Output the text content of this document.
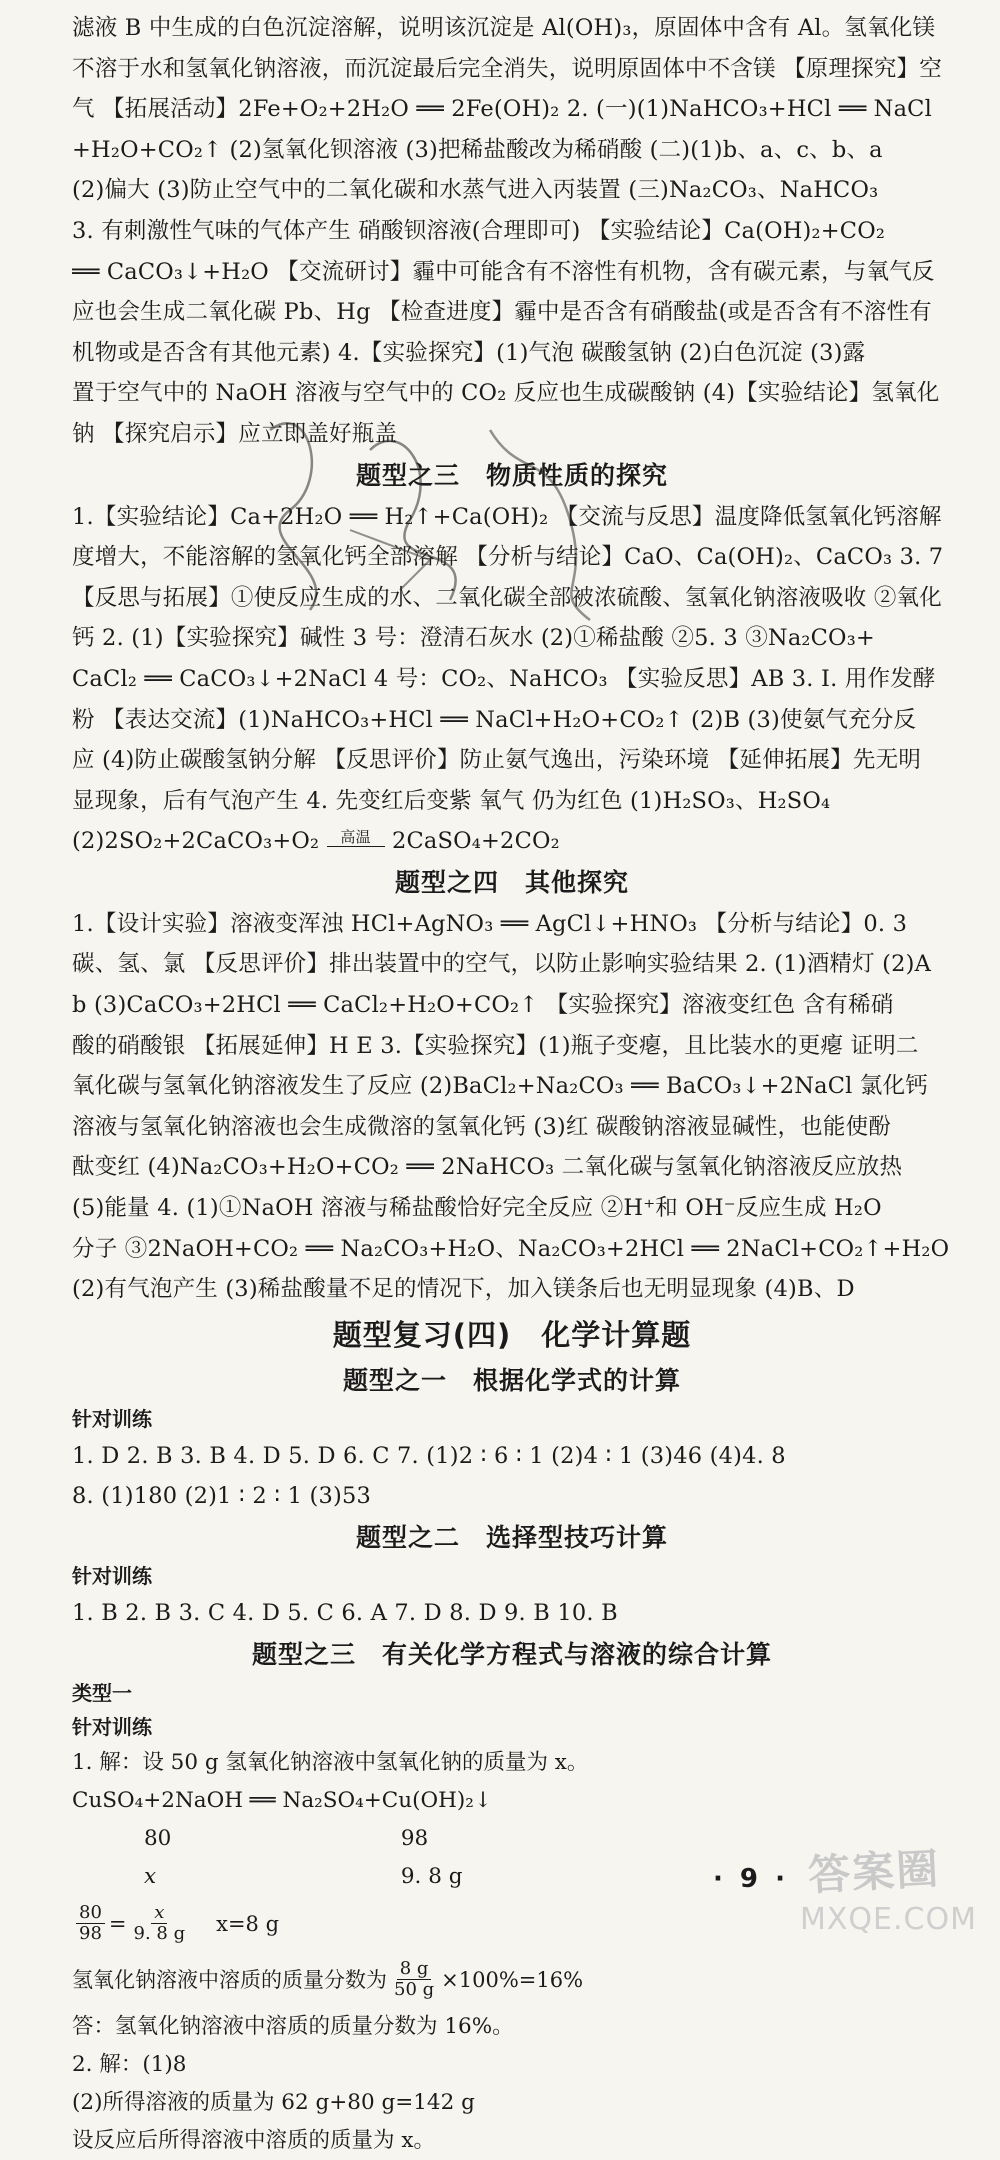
滤液 B 中生成的白色沉淀溶解，说明该沉淀是 Al(OH)₃，原固体中含有 Al。氢氧化镁
不溶于水和氢氧化钠溶液，而沉淀最后完全消失，说明原固体中不含镁 【原理探究】空
气 【拓展活动】2Fe+O₂+2H₂O ══ 2Fe(OH)₂ 2. (一)(1)NaHCO₃+HCl ══ NaCl
+H₂O+CO₂↑ (2)氢氧化钡溶液 (3)把稀盐酸改为稀硝酸 (二)(1)b、a、c、b、a
(2)偏大 (3)防止空气中的二氧化碳和水蒸气进入丙装置 (三)Na₂CO₃、NaHCO₃
3. 有刺激性气味的气体产生 硝酸钡溶液(合理即可) 【实验结论】Ca(OH)₂+CO₂
══ CaCO₃↓+H₂O 【交流研讨】霾中可能含有不溶性有机物，含有碳元素，与氧气反
应也会生成二氧化碳 Pb、Hg 【检查进度】霾中是否含有硝酸盐(或是否含有不溶性有
机物或是否含有其他元素) 4.【实验探究】(1)气泡 碳酸氢钠 (2)白色沉淀 (3)露
置于空气中的 NaOH 溶液与空气中的 CO₂ 反应也生成碳酸钠 (4)【实验结论】氢氧化
钠 【探究启示】应立即盖好瓶盖
题型之三　物质性质的探究
1.【实验结论】Ca+2H₂O ══ H₂↑+Ca(OH)₂ 【交流与反思】温度降低氢氧化钙溶解
度增大，不能溶解的氢氧化钙全部溶解 【分析与结论】CaO、Ca(OH)₂、CaCO₃ 3. 7
【反思与拓展】①使反应生成的水、二氧化碳全部被浓硫酸、氢氧化钠溶液吸收 ②氧化
钙 2. (1)【实验探究】碱性 3 号：澄清石灰水 (2)①稀盐酸 ②5. 3 ③Na₂CO₃+
CaCl₂ ══ CaCO₃↓+2NaCl 4 号：CO₂、NaHCO₃ 【实验反思】AB 3. Ⅰ. 用作发酵
粉 【表达交流】(1)NaHCO₃+HCl ══ NaCl+H₂O+CO₂↑ (2)B (3)使氨气充分反
应 (4)防止碳酸氢钠分解 【反思评价】防止氨气逸出，污染环境 【延伸拓展】先无明
显现象，后有气泡产生 4. 先变红后变紫 氧气 仍为红色 (1)H₂SO₃、H₂SO₄
(2)2SO₂+2CaCO₃+O₂	高温 2CaSO₄+2CO₂
题型之四　其他探究
1.【设计实验】溶液变浑浊 HCl+AgNO₃ ══ AgCl↓+HNO₃ 【分析与结论】0. 3
碳、氢、氯 【反思评价】排出装置中的空气，以防止影响实验结果 2. (1)酒精灯 (2)A
b (3)CaCO₃+2HCl ══ CaCl₂+H₂O+CO₂↑ 【实验探究】溶液变红色 含有稀硝
酸的硝酸银 【拓展延伸】H E 3.【实验探究】(1)瓶子变瘪，且比装水的更瘪 证明二
氧化碳与氢氧化钠溶液发生了反应 (2)BaCl₂+Na₂CO₃ ══ BaCO₃↓+2NaCl 氯化钙
溶液与氢氧化钠溶液也会生成微溶的氢氧化钙 (3)红 碳酸钠溶液显碱性，也能使酚
酞变红 (4)Na₂CO₃+H₂O+CO₂ ══ 2NaHCO₃ 二氧化碳与氢氧化钠溶液反应放热
(5)能量 4. (1)①NaOH 溶液与稀盐酸恰好完全反应 ②H⁺和 OH⁻反应生成 H₂O
分子 ③2NaOH+CO₂ ══ Na₂CO₃+H₂O、Na₂CO₃+2HCl ══ 2NaCl+CO₂↑+H₂O
(2)有气泡产生 (3)稀盐酸量不足的情况下，加入镁条后也无明显现象 (4)B、D
题型复习(四)　化学计算题
题型之一　根据化学式的计算
针对训练
1. D 2. B 3. B 4. D 5. D 6. C 7. (1)2 ∶ 6 ∶ 1 (2)4 ∶ 1 (3)46 (4)4. 8
8. (1)180 (2)1 ∶ 2 ∶ 1 (3)53
题型之二　选择型技巧计算
针对训练
1. B 2. B 3. C 4. D 5. C 6. A 7. D 8. D 9. B 10. B
题型之三　有关化学方程式与溶液的综合计算
类型一
针对训练
1. 解：设 50 g 氢氧化钠溶液中氢氧化钠的质量为 x。
CuSO₄+2NaOH ══ Na₂SO₄+Cu(OH)₂↓
80	98
x	9. 8 g
$\frac{80}{98} = \frac{x}{9. 8 g} x=8$ g
氢氧化钠溶液中溶质的质量分数为 $\frac{8 g}{50 g} \times 100\%=16\%$
答：氢氧化钠溶液中溶质的质量分数为 16%。
2. 解：(1)8
(2)所得溶液的质量为 62 g+80 g=142 g
设反应后所得溶液中溶质的质量为 x。
· 9 · 答案圈
MXQE.COM
